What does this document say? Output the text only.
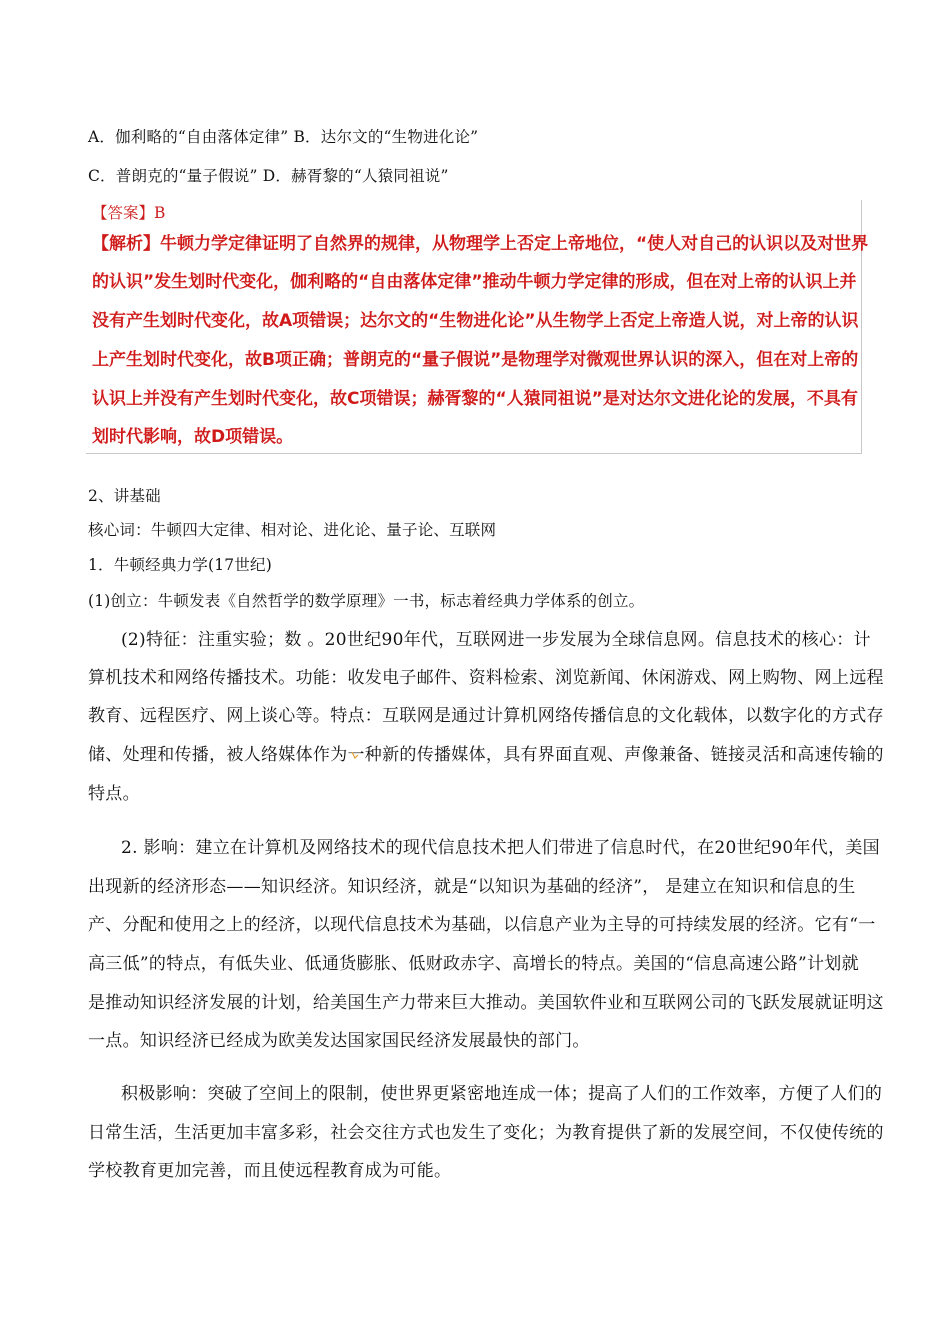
A．伽利略的“自由落体定律” B．达尔文的“生物进化论”
C．普朗克的“量子假说” D．赫胥黎的“人猿同祖说”
【答案】B
【解析】牛顿力学定律证明了自然界的规律，从物理学上否定上帝地位，“使人对自己的认识以及对世界
的认识”发生划时代变化，伽利略的“自由落体定律”推动牛顿力学定律的形成，但在对上帝的认识上并
没有产生划时代变化，故A项错误；达尔文的“生物进化论”从生物学上否定上帝造人说，对上帝的认识
上产生划时代变化，故B项正确；普朗克的“量子假说”是物理学对微观世界认识的深入，但在对上帝的
认识上并没有产生划时代变化，故C项错误；赫胥黎的“人猿同祖说”是对达尔文进化论的发展，不具有
划时代影响，故D项错误。
2、讲基础
核心词：牛顿四大定律、相对论、进化论、量子论、互联网
1．牛顿经典力学(17世纪)
(1)创立：牛顿发表《自然哲学的数学原理》一书，标志着经典力学体系的创立。
(2)特征：注重实验；数 。20世纪90年代，互联网进一步发展为全球信息网。信息技术的核心：计
算机技术和网络传播技术。功能：收发电子邮件、资料检索、浏览新闻、休闲游戏、网上购物、网上远程
教育、远程医疗、网上谈心等。特点：互联网是通过计算机网络传播信息的文化载体，以数字化的方式存
储、处理和传播，被人络媒体作为一种新的传播媒体，具有界面直观、声像兼备、链接灵活和高速传输的
特点。
2. 影响：建立在计算机及网络技术的现代信息技术把人们带进了信息时代，在20世纪90年代，美国
出现新的经济形态——知识经济。知识经济，就是“以知识为基础的经济”， 是建立在知识和信息的生
产、分配和使用之上的经济，以现代信息技术为基础，以信息产业为主导的可持续发展的经济。它有“一
高三低”的特点，有低失业、低通货膨胀、低财政赤字、高增长的特点。美国的“信息高速公路”计划就
是推动知识经济发展的计划，给美国生产力带来巨大推动。美国软件业和互联网公司的飞跃发展就证明这
一点。知识经济已经成为欧美发达国家国民经济发展最快的部门。
积极影响：突破了空间上的限制，使世界更紧密地连成一体；提高了人们的工作效率，方便了人们的
日常生活，生活更加丰富多彩，社会交往方式也发生了变化；为教育提供了新的发展空间，不仅使传统的
学校教育更加完善，而且使远程教育成为可能。
